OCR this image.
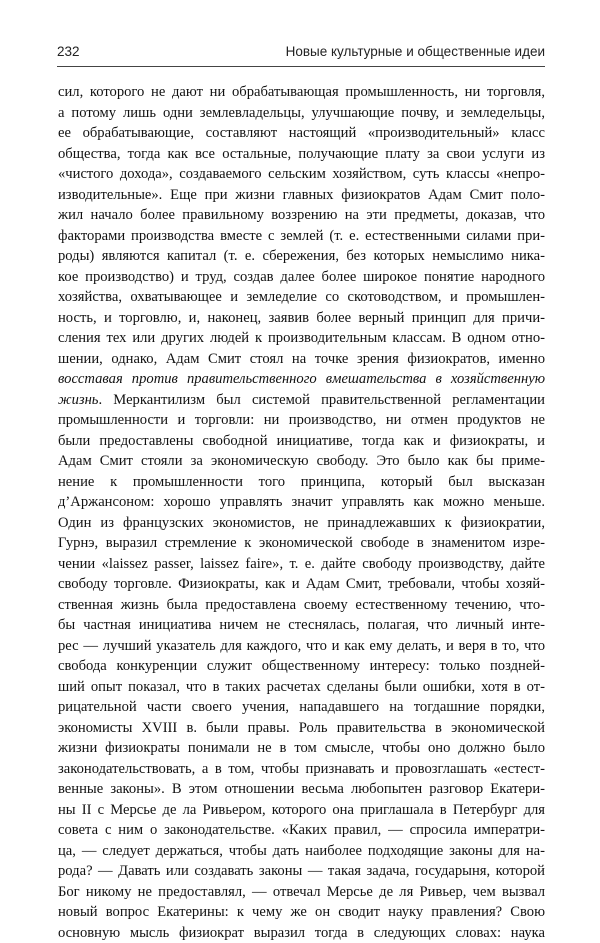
232	Новые культурные и общественные идеи
сил, которого не дают ни обрабатывающая промышленность, ни торговля,
а потому лишь одни землевладельцы, улучшающие почву, и земледельцы,
ее обрабатывающие, составляют настоящий «производительный» класс
общества, тогда как все остальные, получающие плату за свои услуги из
«чистого дохода», создаваемого сельским хозяйством, суть классы «непро-
изводительные». Еще при жизни главных физиократов Адам Смит поло-
жил начало более правильному воззрению на эти предметы, доказав, что
факторами производства вместе с землей (т. е. естественными силами при-
роды) являются капитал (т. е. сбережения, без которых немыслимо ника-
кое производство) и труд, создав далее более широкое понятие народного
хозяйства, охватывающее и земледелие со скотоводством, и промышлен-
ность, и торговлю, и, наконец, заявив более верный принцип для причи-
сления тех или других людей к производительным классам. В одном отно-
шении, однако, Адам Смит стоял на точке зрения физиократов, именно
восставая против правительственного вмешательства в хозяйственную
жизнь. Меркантилизм был системой правительственной регламентации
промышленности и торговли: ни производство, ни отмен продуктов не
были предоставлены свободной инициативе, тогда как и физиократы, и
Адам Смит стояли за экономическую свободу. Это было как бы приме-
нение к промышленности того принципа, который был высказан
д’Аржансоном: хорошо управлять значит управлять как можно меньше.
Один из французских экономистов, не принадлежавших к физиократии,
Гурнэ, выразил стремление к экономической свободе в знаменитом изре-
чении «laissez passer, laissez faire», т. е. дайте свободу производству, дайте
свободу торговле. Физиократы, как и Адам Смит, требовали, чтобы хозяй-
ственная жизнь была предоставлена своему естественному течению, что-
бы частная инициатива ничем не стеснялась, полагая, что личный инте-
рес — лучший указатель для каждого, что и как ему делать, и веря в то, что
свобода конкуренции служит общественному интересу: только поздней-
ший опыт показал, что в таких расчетах сделаны были ошибки, хотя в от-
рицательной части своего учения, нападавшего на тогдашние порядки,
экономисты XVIII в. были правы. Роль правительства в экономической
жизни физиократы понимали не в том смысле, чтобы оно должно было
законодательствовать, а в том, чтобы признавать и провозглашать «естест-
венные законы». В этом отношении весьма любопытен разговор Екатери-
ны II с Мерсье де ла Ривьером, которого она приглашала в Петербург для
совета с ним о законодательстве. «Каких правил, — спросила императри-
ца, — следует держаться, чтобы дать наиболее подходящие законы для на-
рода? — Давать или создавать законы — такая задача, государыня, которой
Бог никому не предоставлял, — отвечал Мерсье де ля Ривьер, чем вызвал
новый вопрос Екатерины: к чему же он сводит науку правления? Свою
основную мысль физиократ выразил тогда в следующих словах: наука
